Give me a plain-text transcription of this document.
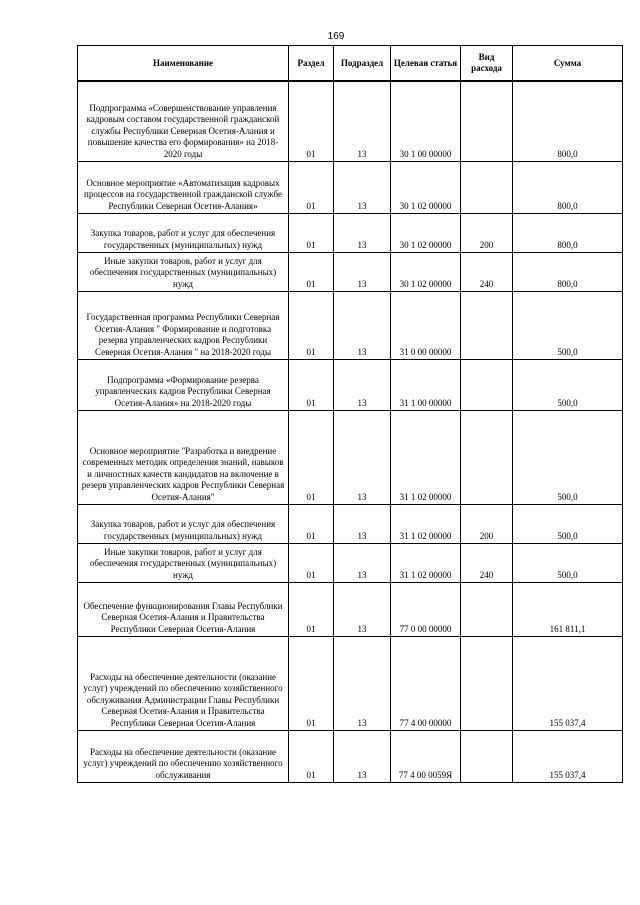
169
Наименование	Раздел	Подраздел	Целевая статья	Вид расхода	Сумма
Подпрограмма «Совершенствование управления кадровым составом государственной гражданской службы Республики Северная Осетия-Алания и повышение качества его формирования» на 2018-2020 годы	01	13	30 1 00 00000		800,0
Основное мероприятие «Автоматизация кадровых процессов на государственной гражданской службе Республики Северная Осетия-Алания»	01	13	30 1 02 00000		800,0
Закупка товаров, работ и услуг для обеспечения государственных (муниципальных) нужд	01	13	30 1 02 00000	200	800,0
Иные закупки товаров, работ и услуг для обеспечения государственных (муниципальных) нужд	01	13	30 1 02 00000	240	800,0
Государственная программа Республики Северная Осетия-Алания " Формирование и подготовка резерва управленческих кадров Республики Северная Осетия-Алания " на 2018-2020 годы	01	13	31 0 00 00000		500,0
Подпрограмма «Формирование резерва управленческих кадров Республики Северная Осетия-Алания» на 2018-2020 годы	01	13	31 1 00 00000		500,0
Основное мероприятие "Разработка и внедрение современных методик определения знаний, навыков и личностных качеств кандидатов на включение в резерв управленческих кадров Республики Северная Осетия-Алания"	01	13	31 1 02 00000		500,0
Закупка товаров, работ и услуг для обеспечения государственных (муниципальных) нужд	01	13	31 1 02 00000	200	500,0
Иные закупки товаров, работ и услуг для обеспечения государственных (муниципальных) нужд	01	13	31 1 02 00000	240	500,0
Обеспечение функционирования Главы Республики Северная Осетия-Алания и Правительства Республики Северная Осетия-Алания	01	13	77 0 00 00000		161 811,1
Расходы на обеспечение деятельности (оказание услуг) учреждений по обеспечению хозяйственного обслуживания Администрации Главы Республики Северная Осетия-Алания и Правительства Республики Северная Осетия-Алания	01	13	77 4 00 00000		155 037,4
Расходы на обеспечение деятельности (оказание услуг) учреждений по обеспечению хозяйственного обслуживания	01	13	77 4 00 0059Я		155 037,4
